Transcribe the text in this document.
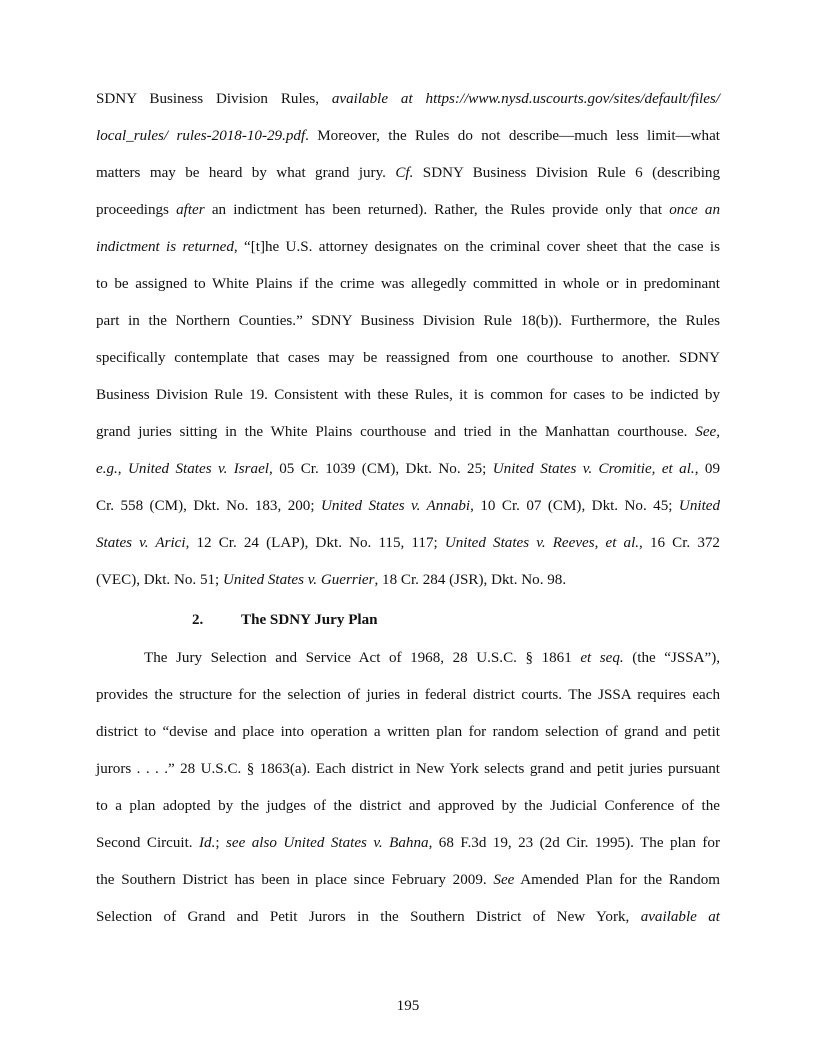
SDNY Business Division Rules, available at https://www.nysd.uscourts.gov/sites/default/files/
local_rules/ rules-2018-10-29.pdf. Moreover, the Rules do not describe—much less limit—what
matters may be heard by what grand jury. Cf. SDNY Business Division Rule 6 (describing
proceedings after an indictment has been returned). Rather, the Rules provide only that once an
indictment is returned, “[t]he U.S. attorney designates on the criminal cover sheet that the case is
to be assigned to White Plains if the crime was allegedly committed in whole or in predominant
part in the Northern Counties.” SDNY Business Division Rule 18(b)). Furthermore, the Rules
specifically contemplate that cases may be reassigned from one courthouse to another. SDNY
Business Division Rule 19. Consistent with these Rules, it is common for cases to be indicted by
grand juries sitting in the White Plains courthouse and tried in the Manhattan courthouse. See,
e.g., United States v. Israel, 05 Cr. 1039 (CM), Dkt. No. 25; United States v. Cromitie, et al., 09
Cr. 558 (CM), Dkt. No. 183, 200; United States v. Annabi, 10 Cr. 07 (CM), Dkt. No. 45; United
States v. Arici, 12 Cr. 24 (LAP), Dkt. No. 115, 117; United States v. Reeves, et al., 16 Cr. 372
(VEC), Dkt. No. 51; United States v. Guerrier, 18 Cr. 284 (JSR), Dkt. No. 98.
2. The SDNY Jury Plan
The Jury Selection and Service Act of 1968, 28 U.S.C. § 1861 et seq. (the “JSSA”),
provides the structure for the selection of juries in federal district courts. The JSSA requires each
district to “devise and place into operation a written plan for random selection of grand and petit
jurors . . . .” 28 U.S.C. § 1863(a). Each district in New York selects grand and petit juries pursuant
to a plan adopted by the judges of the district and approved by the Judicial Conference of the
Second Circuit. Id.; see also United States v. Bahna, 68 F.3d 19, 23 (2d Cir. 1995). The plan for
the Southern District has been in place since February 2009. See Amended Plan for the Random
Selection of Grand and Petit Jurors in the Southern District of New York, available at
195
